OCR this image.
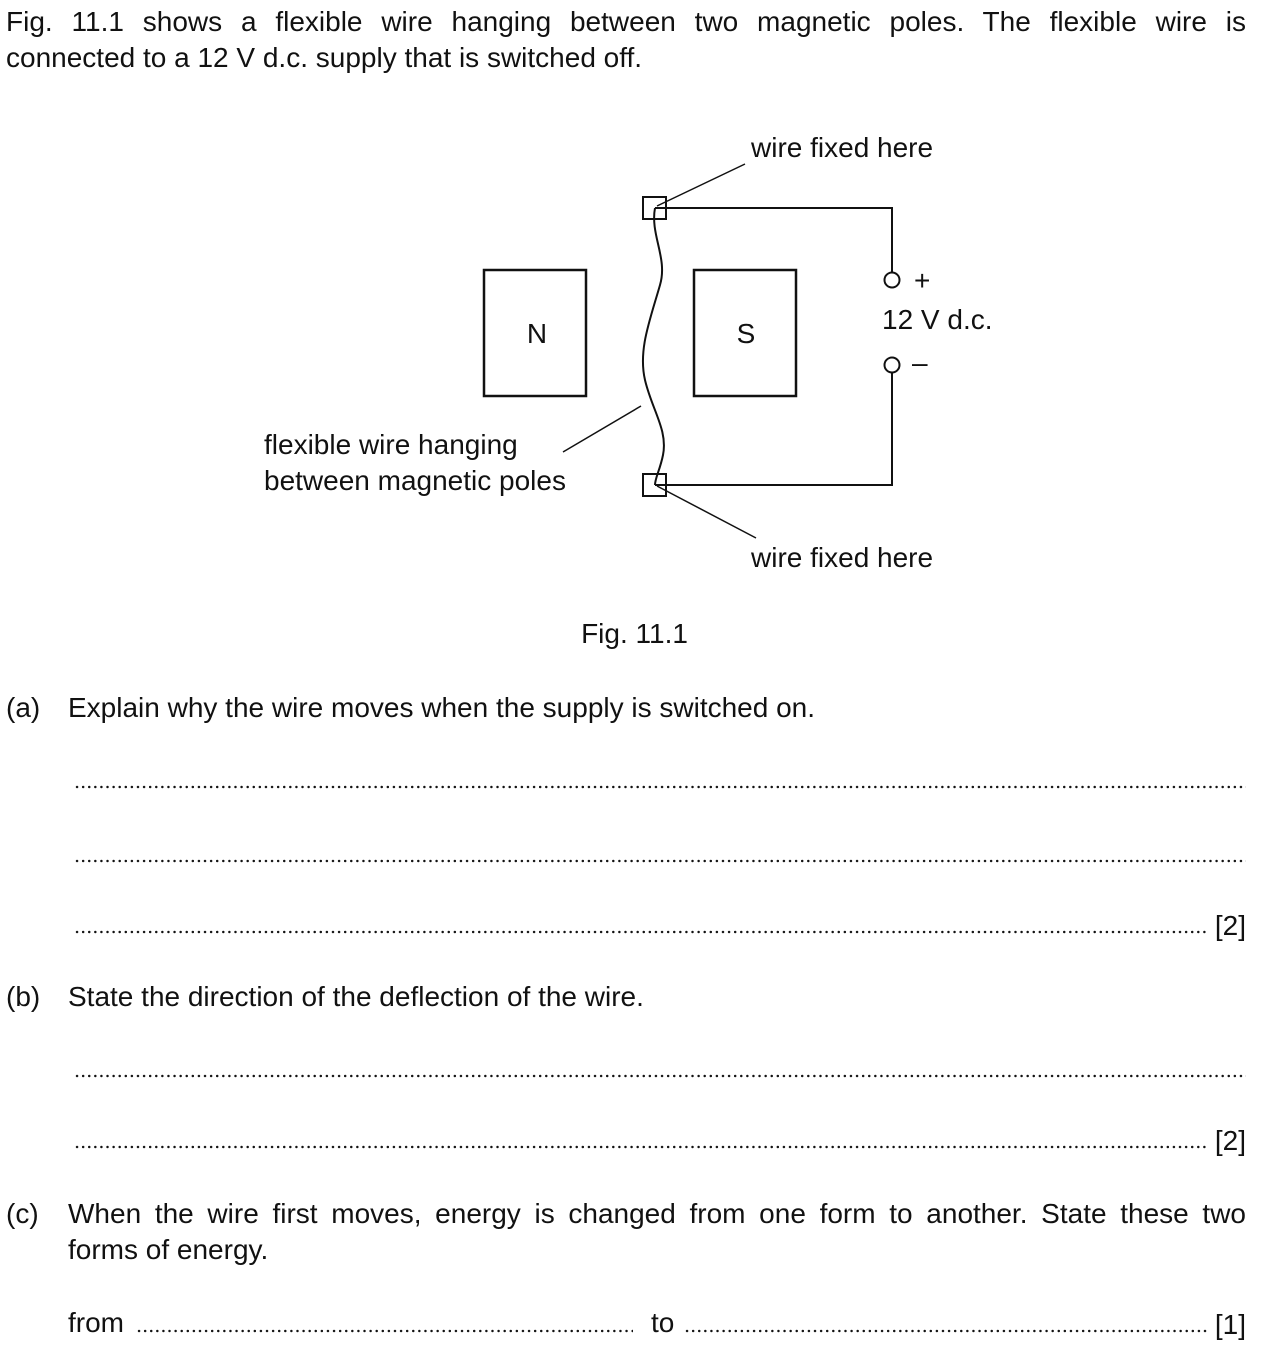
Fig. 11.1 shows a flexible wire hanging between two magnetic poles. The flexible wire is
connected to a 12 V d.c. supply that is switched off.
N	S
+
–
12 V d.c.
wire fixed here
wire fixed here
flexible wire hanging
between magnetic poles
Fig. 11.1
(a) Explain why the wire moves when the supply is switched on.
[2]
(b) State the direction of the deflection of the wire.
[2]
(c) When the wire first moves, energy is changed from one form to another. State these two
forms of energy.
from	to	[1]
